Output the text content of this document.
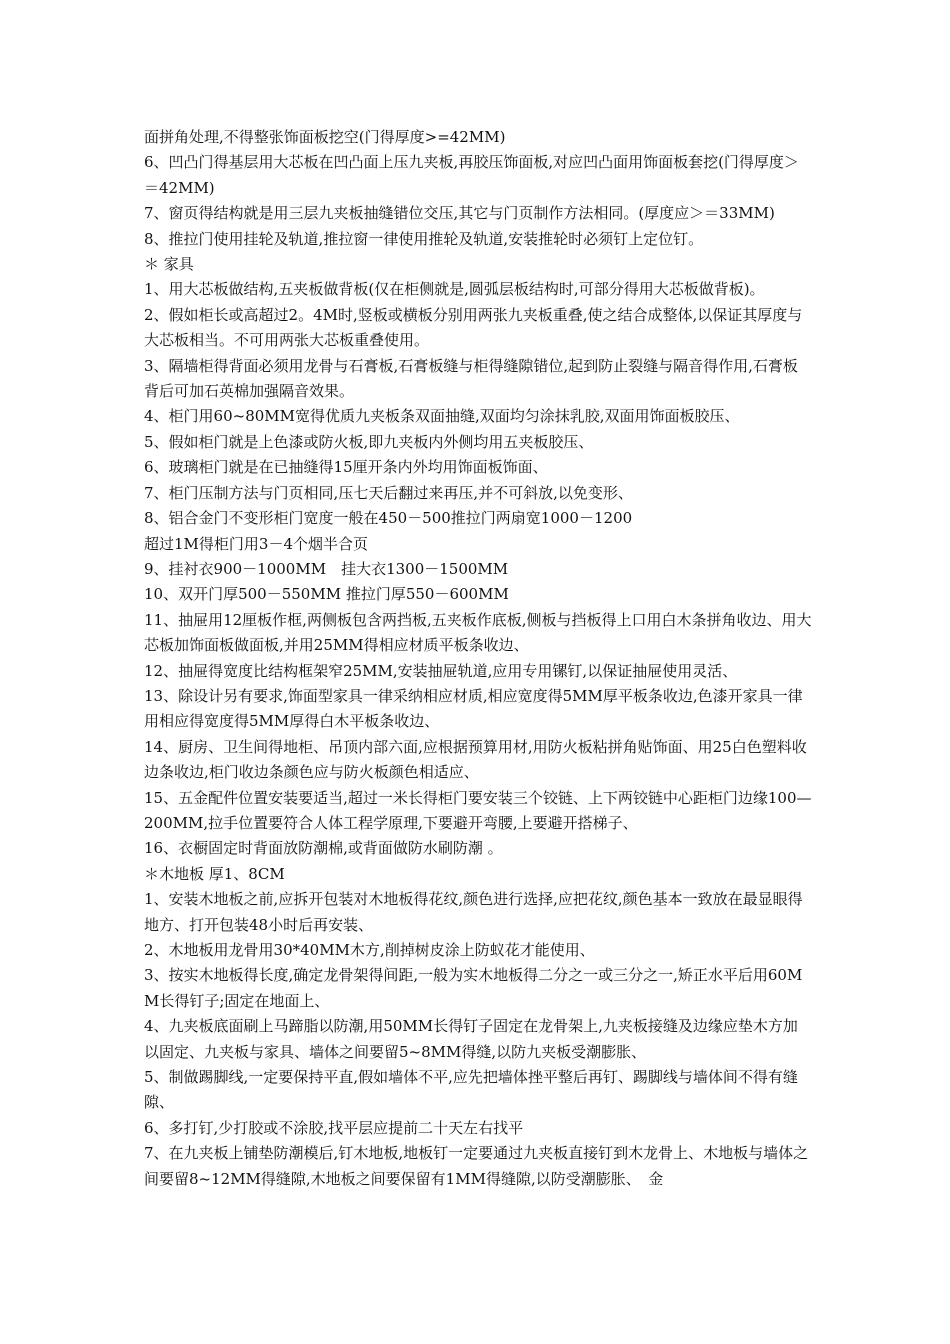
面拼角处理,不得整张饰面板挖空(门得厚度>=42MM)

6、凹凸门得基层用大芯板在凹凸面上压九夹板,再胶压饰面板,对应凹凸面用饰面板套挖(门得厚度＞＝42MM)

7、窗页得结构就是用三层九夹板抽缝错位交压,其它与门页制作方法相同。(厚度应＞＝33MM)

8、推拉门使用挂轮及轨道,推拉窗一律使用推轮及轨道,安装推轮时必须钉上定位钉。

＊ 家具

1、用大芯板做结构,五夹板做背板(仅在柜侧就是,圆弧层板结构时,可部分得用大芯板做背板)。

2、假如柜长或高超过2。4M时,竖板或横板分别用两张九夹板重叠,使之结合成整体,以保证其厚度与大芯板相当。不可用两张大芯板重叠使用。

3、隔墙柜得背面必须用龙骨与石膏板,石膏板缝与柜得缝隙错位,起到防止裂缝与隔音得作用,石膏板背后可加石英棉加强隔音效果。

4、柜门用60~80MM宽得优质九夹板条双面抽缝,双面均匀涂抹乳胶,双面用饰面板胶压、

5、假如柜门就是上色漆或防火板,即九夹板内外侧均用五夹板胶压、

6、玻璃柜门就是在已抽缝得15厘开条内外均用饰面板饰面、

7、柜门压制方法与门页相同,压七天后翻过来再压,并不可斜放,以免变形、

8、铝合金门不变形柜门宽度一般在450－500推拉门两扇宽1000－1200

超过1M得柜门用3－4个烟半合页

9、挂衬衣900－1000MM　挂大衣1300－1500MM

10、双开门厚500－550MM 推拉门厚550－600MM

11、抽屉用12厘板作框,两侧板包含两挡板,五夹板作底板,侧板与挡板得上口用白木条拼角收边、用大芯板加饰面板做面板,并用25MM得相应材质平板条收边、

12、抽屉得宽度比结构框架窄25MM,安装抽屉轨道,应用专用镙钉,以保证抽屉使用灵活、

13、除设计另有要求,饰面型家具一律采纳相应材质,相应宽度得5MM厚平板条收边,色漆开家具一律用相应得宽度得5MM厚得白木平板条收边、

14、厨房、卫生间得地柜、吊顶内部六面,应根据预算用材,用防火板粘拼角贴饰面、用25白色塑料收边条收边,柜门收边条颜色应与防火板颜色相适应、

15、五金配件位置安装要适当,超过一米长得柜门要安装三个铰链、上下两铰链中心距柜门边缘100—200MM,拉手位置要符合人体工程学原理,下要避开弯腰,上要避开搭梯子、

16、衣橱固定时背面放防潮棉,或背面做防水刷防潮 。

＊木地板 厚1、8CM

1、安装木地板之前,应拆开包装对木地板得花纹,颜色进行选择,应把花纹,颜色基本一致放在最显眼得地方、打开包装48小时后再安装、

2、木地板用龙骨用30*40MM木方,削掉树皮涂上防蚁花才能使用、

3、按实木地板得长度,确定龙骨架得间距,一般为实木地板得二分之一或三分之一,矫正水平后用60MM长得钉子;固定在地面上、

4、九夹板底面刷上马蹄脂以防潮,用50MM长得钉子固定在龙骨架上,九夹板接缝及边缘应垫木方加以固定、九夹板与家具、墙体之间要留5~8MM得缝,以防九夹板受潮膨胀、

5、制做踢脚线,一定要保持平直,假如墙体不平,应先把墙体挫平整后再钉、踢脚线与墙体间不得有缝隙、

6、多打钉,少打胶或不涂胶,找平层应提前二十天左右找平

7、在九夹板上铺垫防潮模后,钉木地板,地板钉一定要通过九夹板直接钉到木龙骨上、木地板与墙体之间要留8~12MM得缝隙,木地板之间要保留有1MM得缝隙,以防受潮膨胀、　金
